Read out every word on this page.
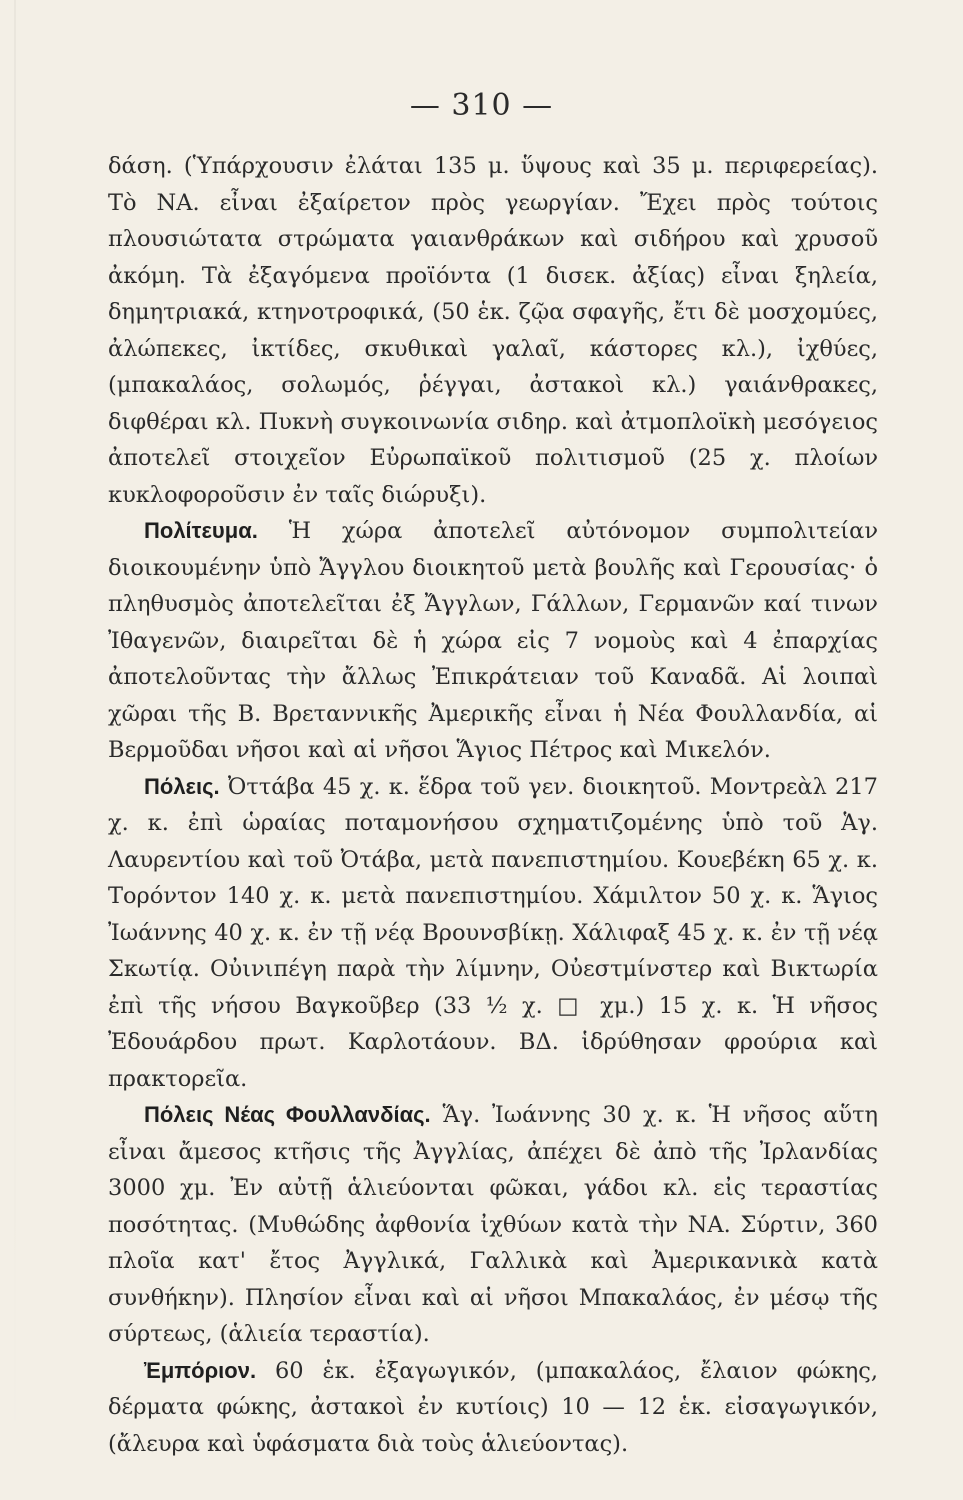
— 310 —

δάση. (Ὑπάρχουσιν ἐλάται 135 μ. ὕψους καὶ 35 μ. περιφερείας). Τὸ ΝΑ. εἶναι ἐξαίρετον πρὸς γεωργίαν. Ἔχει πρὸς τούτοις πλουσιώτατα στρώματα γαιανθράκων καὶ σιδήρου καὶ χρυσοῦ ἀκόμη. Τὰ ἐξαγόμενα προϊόντα (1 δισεκ. ἀξίας) εἶναι ξηλεία, δημητριακά, κτηνοτροφικά, (50 ἑκ. ζῷα σφαγῆς, ἔτι δὲ μοσχομύες, ἀλώπεκες, ἰκτίδες, σκυθικαὶ γαλαῖ, κάστορες κλ.), ἰχθύες, (μπακαλάος, σολωμός, ῥέγγαι, ἀστακοὶ κλ.) γαιάνθρακες, διφθέραι κλ. Πυκνὴ συγκοινωνία σιδηρ. καὶ ἀτμοπλοϊκὴ μεσόγειος ἀποτελεῖ στοιχεῖον Εὐρωπαϊκοῦ πολιτισμοῦ (25 χ. πλοίων κυκλοφοροῦσιν ἐν ταῖς διώρυξι).

Πολίτευμα. Ἡ χώρα ἀποτελεῖ αὐτόνομον συμπολιτείαν διοικουμένην ὑπὸ Ἄγγλου διοικητοῦ μετὰ βουλῆς καὶ Γερουσίας· ὁ πληθυσμὸς ἀποτελεῖται ἐξ Ἄγγλων, Γάλλων, Γερμανῶν καί τινων Ἰθαγενῶν, διαιρεῖται δὲ ἡ χώρα εἰς 7 νομοὺς καὶ 4 ἐπαρχίας ἀποτελοῦντας τὴν ἄλλως Ἐπικράτειαν τοῦ Καναδᾶ. Αἱ λοιπαὶ χῶραι τῆς Β. Βρεταννικῆς Ἀμερικῆς εἶναι ἡ Νέα Φουλλανδία, αἱ Βερμοῦδαι νῆσοι καὶ αἱ νῆσοι Ἅγιος Πέτρος καὶ Μικελόν.

Πόλεις. Ὀττάβα 45 χ. κ. ἕδρα τοῦ γεν. διοικητοῦ. Μοντρεὰλ 217 χ. κ. ἐπὶ ὡραίας ποταμονήσου σχηματιζομένης ὑπὸ τοῦ Ἁγ. Λαυρεντίου καὶ τοῦ Ὀτάβα, μετὰ πανεπιστημίου. Κουεβέκη 65 χ. κ. Τορόντον 140 χ. κ. μετὰ πανεπιστημίου. Χάμιλτον 50 χ. κ. Ἅγιος Ἰωάννης 40 χ. κ. ἐν τῇ νέᾳ Βρουνσβίκῃ. Χάλιφαξ 45 χ. κ. ἐν τῇ νέᾳ Σκωτίᾳ. Οὐινιπέγη παρὰ τὴν λίμνην, Οὐεστμίνστερ καὶ Βικτωρία ἐπὶ τῆς νήσου Βαγκοῦβερ (33 ½ χ. □ χμ.) 15 χ. κ. Ἡ νῆσος Ἐδουάρδου πρωτ. Καρλοτάουν. ΒΔ. ἱδρύθησαν φρούρια καὶ πρακτορεῖα.

Πόλεις Νέας Φουλλανδίας. Ἅγ. Ἰωάννης 30 χ. κ. Ἡ νῆσος αὕτη εἶναι ἄμεσος κτῆσις τῆς Ἀγγλίας, ἀπέχει δὲ ἀπὸ τῆς Ἰρλανδίας 3000 χμ. Ἐν αὐτῇ ἁλιεύονται φῶκαι, γάδοι κλ. εἰς τεραστίας ποσότητας. (Μυθώδης ἀφθονία ἰχθύων κατὰ τὴν ΝΑ. Σύρτιν, 360 πλοῖα κατ' ἔτος Ἀγγλικά, Γαλλικὰ καὶ Ἀμερικανικὰ κατὰ συνθήκην). Πλησίον εἶναι καὶ αἱ νῆσοι Μπακαλάος, ἐν μέσῳ τῆς σύρτεως, (ἁλιεία τεραστία).

Ἐμπόριον. 60 ἑκ. ἐξαγωγικόν, (μπακαλάος, ἔλαιον φώκης, δέρματα φώκης, ἀστακοὶ ἐν κυτίοις) 10 — 12 ἑκ. εἰσαγωγικόν, (ἄλευρα καὶ ὑφάσματα διὰ τοὺς ἁλιεύοντας).
